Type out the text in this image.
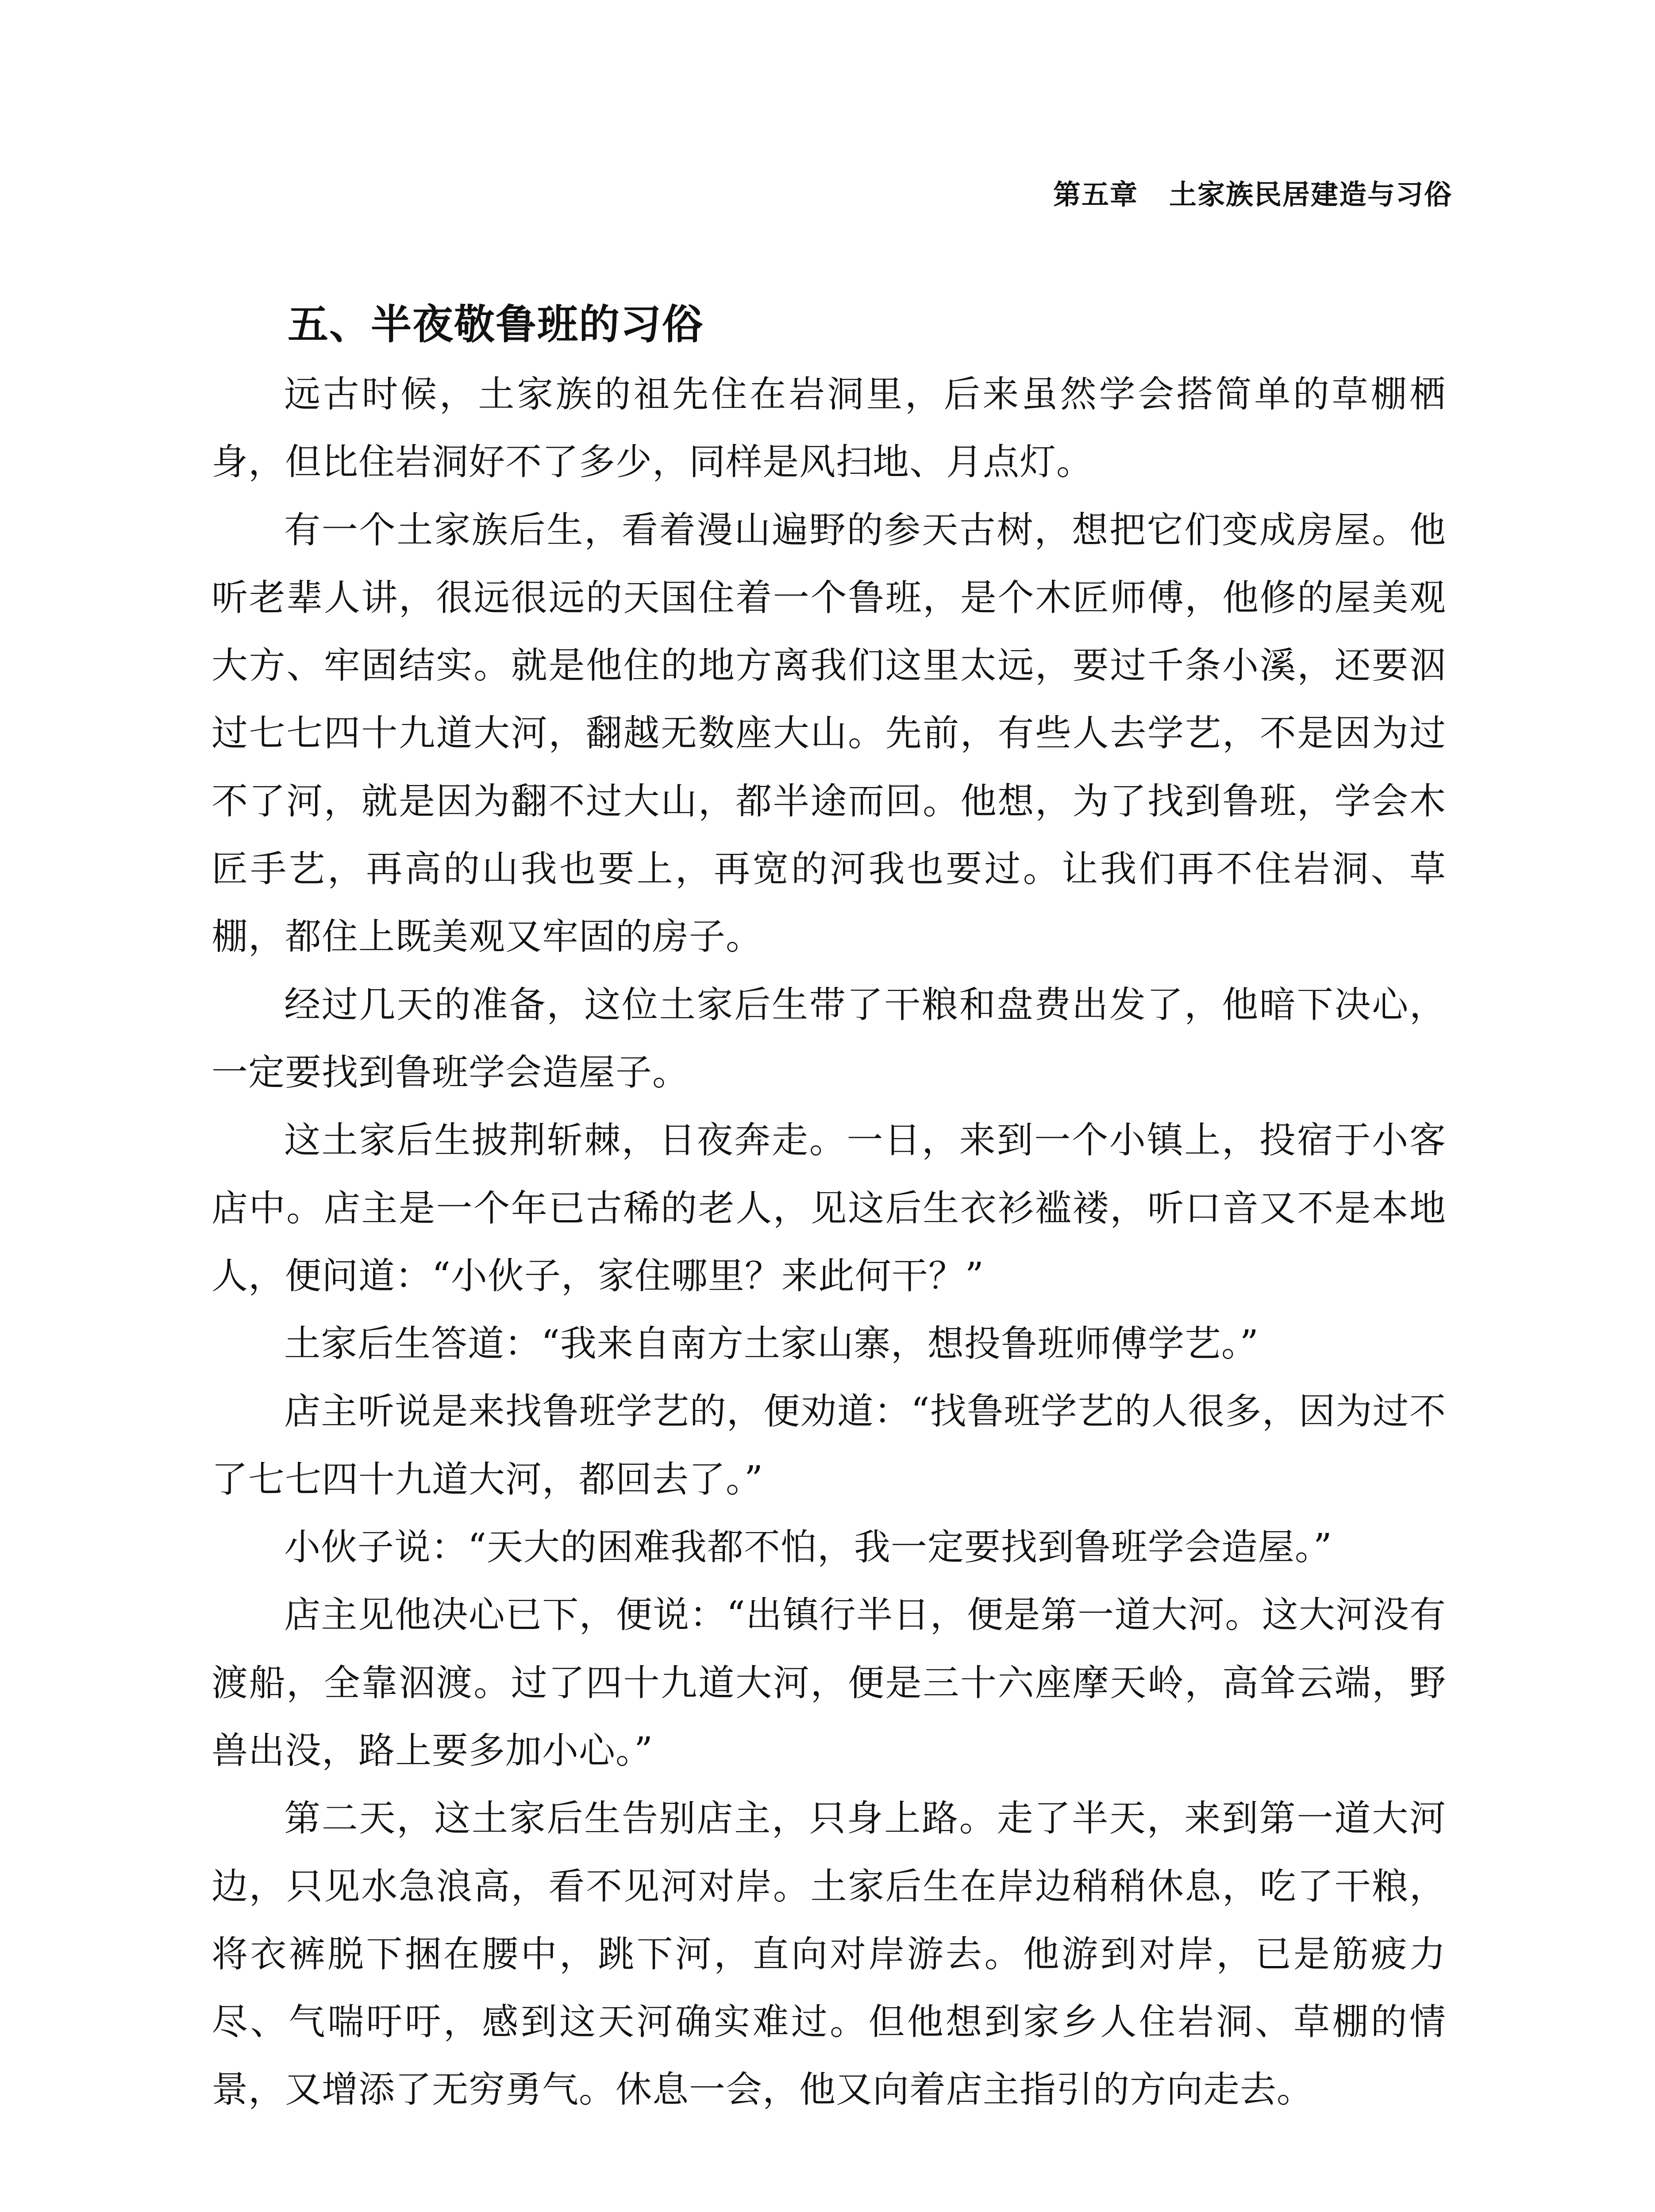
第五章 土家族民居建造与习俗
五、半夜敬鲁班的习俗

远古时候，土家族的祖先住在岩洞里，后来虽然学会搭简单的草棚栖身，但比住岩洞好不了多少，同样是风扫地、月点灯。

有一个土家族后生，看着漫山遍野的参天古树，想把它们变成房屋。他听老辈人讲，很远很远的天国住着一个鲁班，是个木匠师傅，他修的屋美观大方、牢固结实。就是他住的地方离我们这里太远，要过千条小溪，还要泅过七七四十九道大河，翻越无数座大山。先前，有些人去学艺，不是因为过不了河，就是因为翻不过大山，都半途而回。他想，为了找到鲁班，学会木匠手艺，再高的山我也要上，再宽的河我也要过。让我们再不住岩洞、草棚，都住上既美观又牢固的房子。

经过几天的准备，这位土家后生带了干粮和盘费出发了，他暗下决心，一定要找到鲁班学会造屋子。

这土家后生披荆斩棘，日夜奔走。一日，来到一个小镇上，投宿于小客店中。店主是一个年已古稀的老人，见这后生衣衫褴褛，听口音又不是本地人，便问道：“小伙子，家住哪里？来此何干？”

土家后生答道：“我来自南方土家山寨，想投鲁班师傅学艺。”

店主听说是来找鲁班学艺的，便劝道：“找鲁班学艺的人很多，因为过不了七七四十九道大河，都回去了。”

小伙子说：“天大的困难我都不怕，我一定要找到鲁班学会造屋。”

店主见他决心已下，便说：“出镇行半日，便是第一道大河。这大河没有渡船，全靠泅渡。过了四十九道大河，便是三十六座摩天岭，高耸云端，野兽出没，路上要多加小心。”

第二天，这土家后生告别店主，只身上路。走了半天，来到第一道大河边，只见水急浪高，看不见河对岸。土家后生在岸边稍稍休息，吃了干粮，将衣裤脱下捆在腰中，跳下河，直向对岸游去。他游到对岸，已是筋疲力尽、气喘吁吁，感到这天河确实难过。但他想到家乡人住岩洞、草棚的情景，又增添了无穷勇气。休息一会，他又向着店主指引的方向走去。
